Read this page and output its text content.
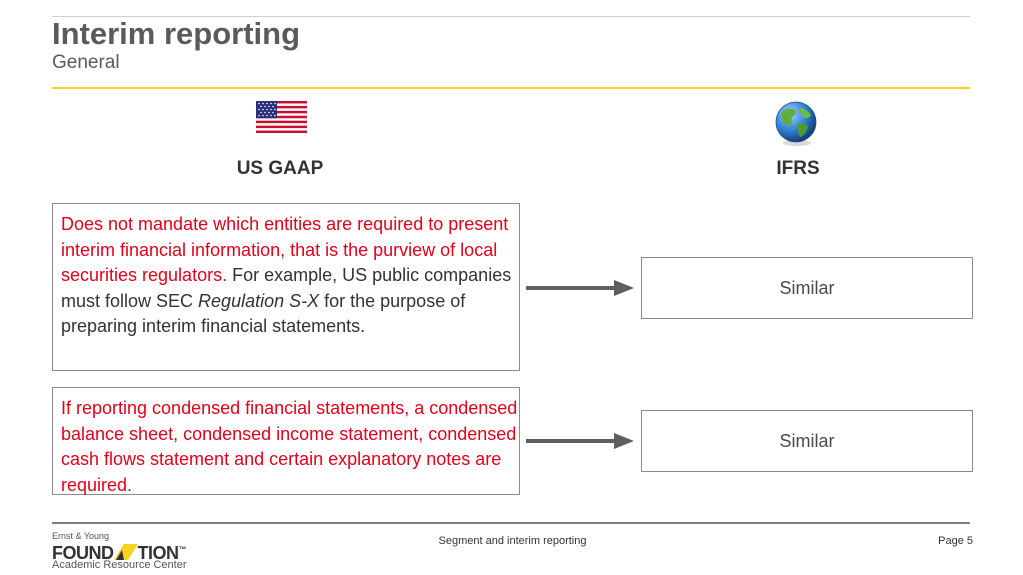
Interim reporting
General
US GAAP	IFRS
Does not mandate which entities are required to present interim financial information, that is the purview of local securities regulators. For example, US public companies must follow SEC Regulation S-X for the purpose of preparing interim financial statements.
Similar
If reporting condensed financial statements, a condensed balance sheet, condensed income statement, condensed cash flows statement and certain explanatory notes are required.
Similar
Ernst & Young
FOUND TION™
Academic Resource Center
Segment and interim reporting	Page 5
